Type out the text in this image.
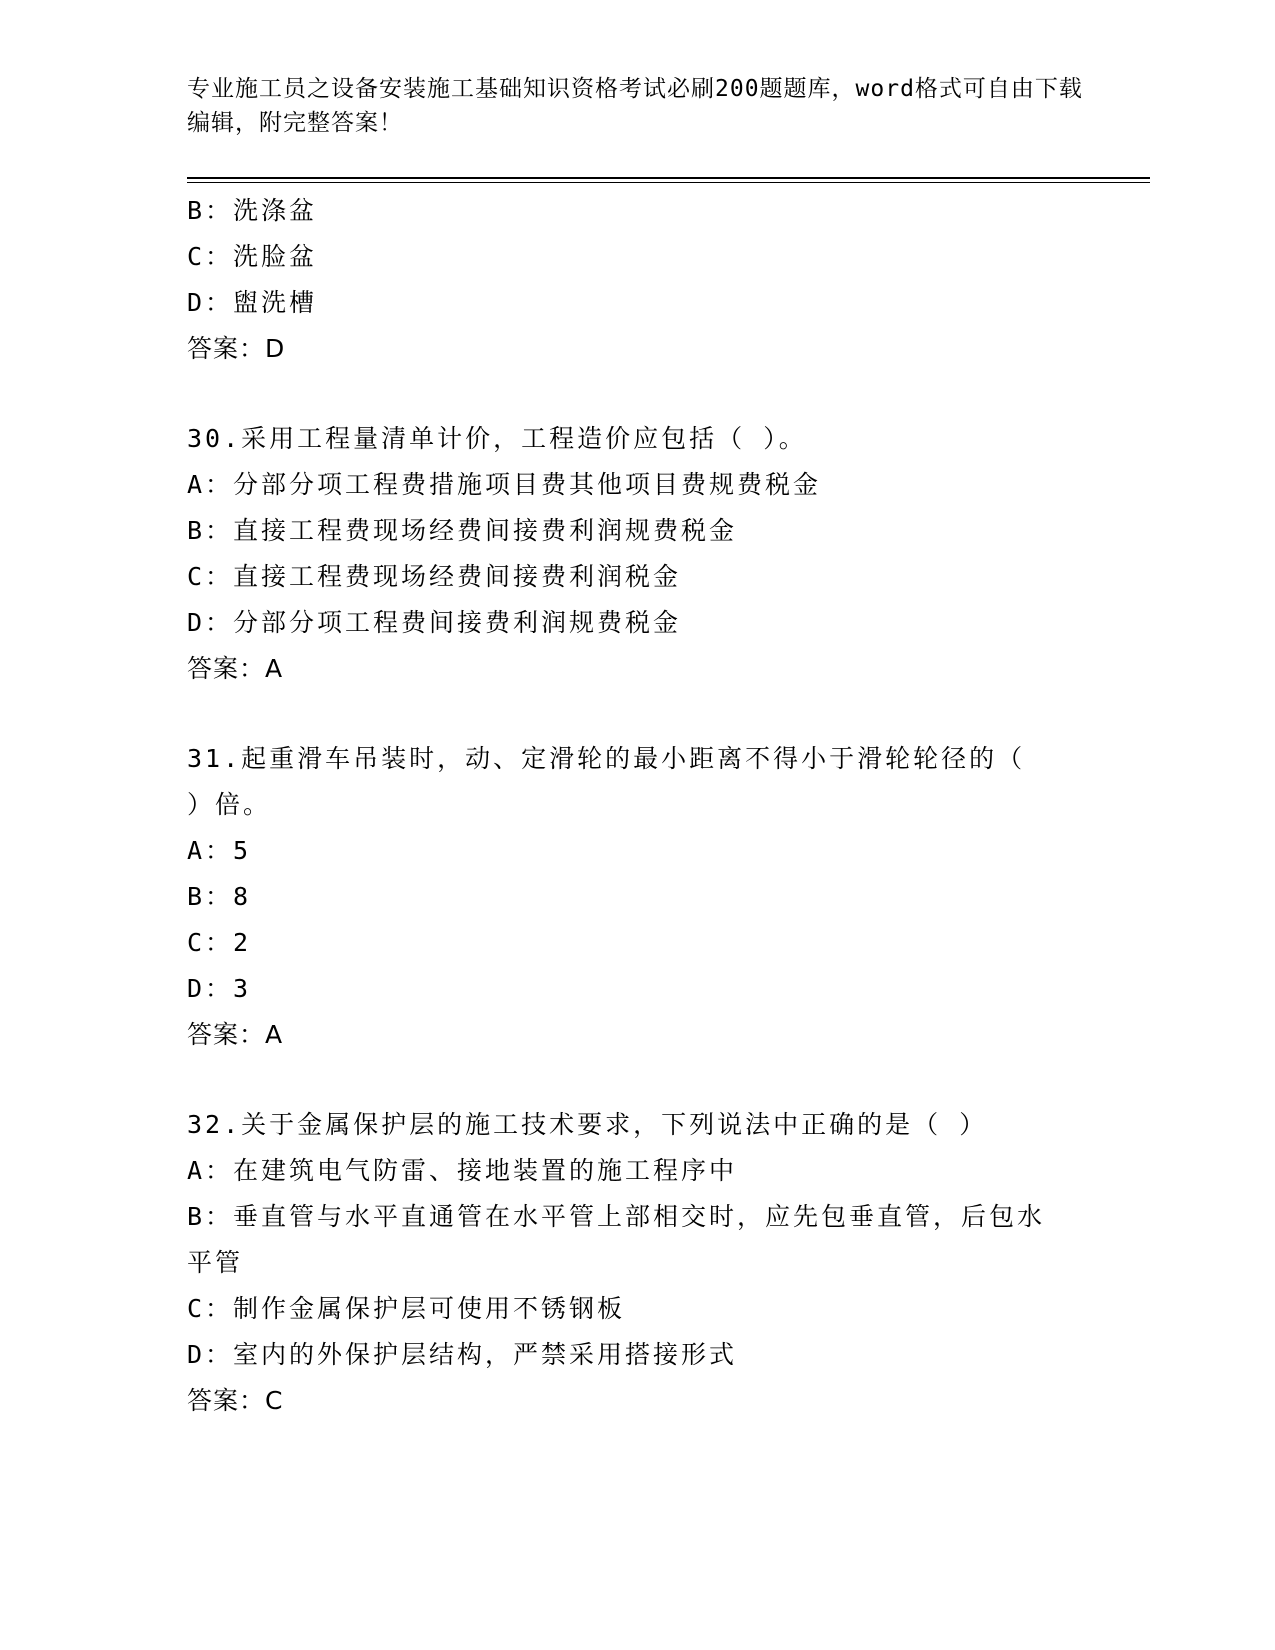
专业施工员之设备安装施工基础知识资格考试必刷200题题库，word格式可自由下载编辑，附完整答案！
B：洗涤盆
C：洗脸盆
D：盥洗槽
答案：D
30.采用工程量清单计价，工程造价应包括（ ）。
A：分部分项工程费措施项目费其他项目费规费税金
B：直接工程费现场经费间接费利润规费税金
C：直接工程费现场经费间接费利润税金
D：分部分项工程费间接费利润规费税金
答案：A
31.起重滑车吊装时，动、定滑轮的最小距离不得小于滑轮轮径的（
）倍。
A：5
B：8
C：2
D：3
答案：A
32.关于金属保护层的施工技术要求，下列说法中正确的是（ ）
A：在建筑电气防雷、接地装置的施工程序中
B：垂直管与水平直通管在水平管上部相交时，应先包垂直管，后包水
平管
C：制作金属保护层可使用不锈钢板
D：室内的外保护层结构，严禁采用搭接形式
答案：C
